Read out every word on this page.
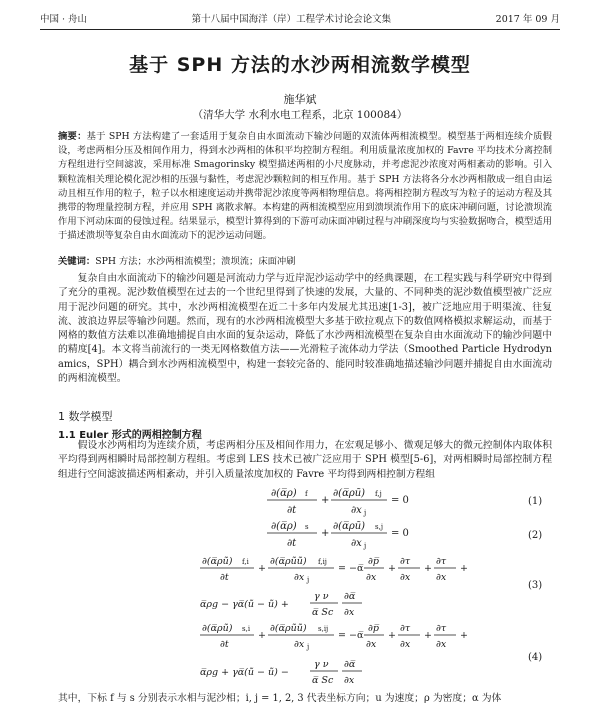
中国 · 舟山	第十八届中国海洋（岸）工程学术讨论会论文集	2017 年 09 月
基于 SPH 方法的水沙两相流数学模型
施华斌
（清华大学 水利水电工程系，北京 100084）
摘要：基于 SPH 方法构建了一套适用于复杂自由水面流动下输沙问题的双流体两相流模型。模型基于两相连续介质假设，考虑两相分压及相间作用力，得到水沙两相的体积平均控制方程组。利用质量浓度加权的 Favre 平均技术分离控制方程组进行空间滤波，采用标准 Smagorinsky 模型描述两相的小尺度脉动，并考虑泥沙浓度对两相紊动的影响。引入颗粒流相关理论模化泥沙相的压强与黏性，考虑泥沙颗粒间的相互作用。基于 SPH 方法将各分水沙两相散成一组自由运动且相互作用的粒子，粒子以水相速度运动并携带泥沙浓度等两相物理信息。将两相控制方程改写为粒子的运动方程及其携带的物理量控制方程，并应用 SPH 离散求解。本构建的两相流模型应用到溃坝流作用下的底床冲刷问题，讨论溃坝流作用下河动床面的侵蚀过程。结果显示，模型计算得到的下游可动床面冲刷过程与冲刷深度均与实验数据吻合，模型适用于描述溃坝等复杂自由水面流动下的泥沙运动问题。
关键词：SPH 方法；水沙两相流模型；溃坝流；床面冲刷
复杂自由水面流动下的输沙问题是河流动力学与近岸泥沙运动学中的经典课题，在工程实践与科学研究中得到了充分的重视。泥沙数值模型在过去的一个世纪里得到了快速的发展，大量的、不同种类的泥沙数值模型被广泛应用于泥沙问题的研究。其中，水沙两相流模型在近二十多年内发展尤其迅速[1-3]，被广泛地应用于明渠流、往复流、波浪边界层等输沙问题。然而，现有的水沙两相流模型大多基于欧拉观点下的数值网格模拟求解运动，而基于网格的数值方法难以准确地捕捉自由水面的复杂运动，降低了水沙两相流模型在复杂自由水面流动下的输沙问题中的精度[4]。本文将当前流行的一类无网格数值方法——光滑粒子流体动力学法（Smoothed Particle Hydrodynamics，SPH）耦合到水沙两相流模型中，构建一套较完备的、能同时较准确地描述输沙问题并捕捉自由水面流动的两相流模型。
1 数学模型
1.1 Euler 形式的两相控制方程
假设水沙两相均为连续介质，考虑两相分压及相间作用力，在宏观足够小、微观足够大的微元控制体内取体积平均得到两相瞬时局部控制方程组。考虑到 LES 技术已被广泛应用于 SPH 模型[5-6]，对两相瞬时局部控制方程组进行空间滤波描述两相紊动，并引入质量浓度加权的 Favre 平均得到两相控制方程组
∂(α̅ρ) f
∂t
+
∂(α̅ρũ) f,j
∂x j
= 0	(1)
∂(α̅ρ) s
∂t
+
∂(α̅ρũ) s,j
∂x j
= 0	(2)
∂(α̅ρũ) f,i
∂t
+
∂(α̅ρũũ) f,ij
∂x j
= −α̅
∂p̅
∂x
+
∂τ
∂x
+
∂τ
∂x
+
α̅ρg − γα̅(ũ − ũ) +
γ ν
α̅ Sc
∂α̅
∂x
(3)
∂(α̅ρũ) s,i
∂t
+
∂(α̅ρũũ) s,ij
∂x j
= −α̅
∂p̅
∂x
+
∂τ
∂x
+
∂τ
∂x
+
α̅ρg + γα̅(ũ − ũ) −
γ ν
α̅ Sc
∂α̅
∂x
(4)
其中，下标 f 与 s 分别表示水相与泥沙相；i, j = 1, 2, 3 代表坐标方向；u 为速度；ρ 为密度；α 为体
